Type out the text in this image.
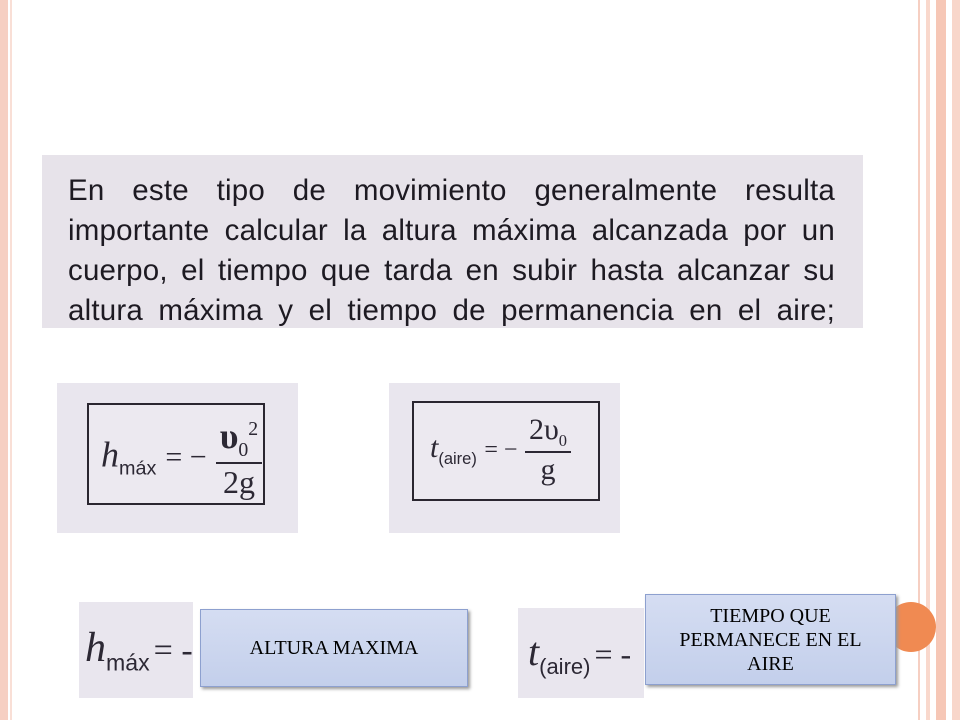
En este tipo de movimiento generalmente resulta importante calcular la altura máxima alcanzada por un cuerpo, el tiempo que tarda en subir hasta alcanzar su altura máxima y el tiempo de permanencia en el aire;

$h_{máx}$ = − $\frac{\upsilon_0^2}{2g}$	$t_{(aire)}$ = − $\frac{2\upsilon_0}{g}$
$h_{máx}$ = -	ALTURA MAXIMA	$t_{(aire)}$ = -
TIEMPO QUE PERMANECE EN EL AIRE
